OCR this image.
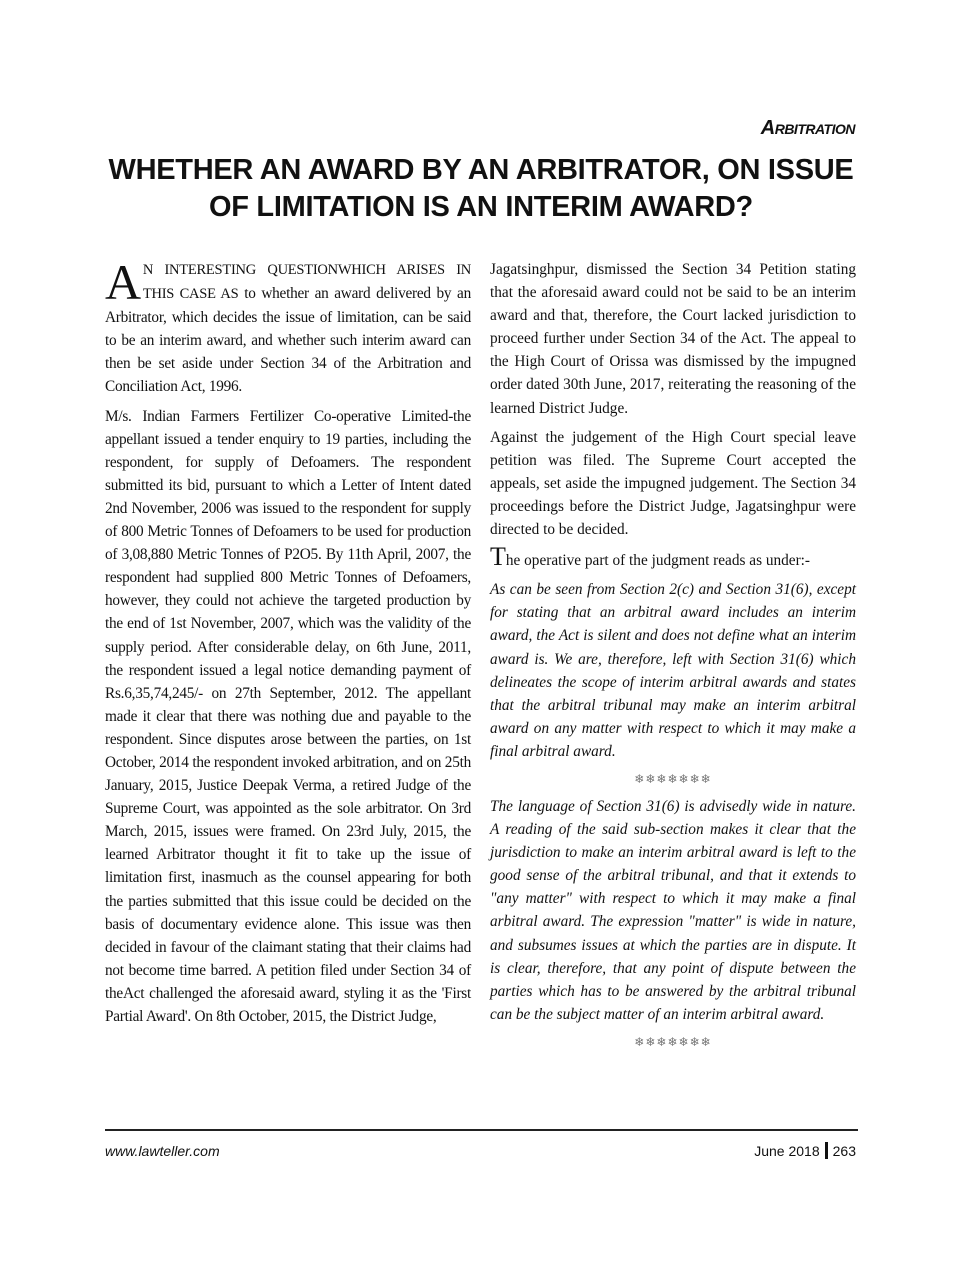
Arbitration
WHETHER AN AWARD BY AN ARBITRATOR, ON ISSUE OF LIMITATION IS AN INTERIM AWARD?

A N INTERESTING QUESTIONWHICH ARISES IN THIS CASE AS to whether an award delivered by an Arbitrator, which decides the issue of limitation, can be said to be an interim award, and whether such interim award can then be set aside under Section 34 of the Arbitration and Conciliation Act, 1996.

M/s. Indian Farmers Fertilizer Co-operative Limited-the appellant issued a tender enquiry to 19 parties, including the respondent, for supply of Defoamers. The respondent submitted its bid, pursuant to which a Letter of Intent dated 2nd November, 2006 was issued to the respondent for supply of 800 Metric Tonnes of Defoamers to be used for production of 3,08,880 Metric Tonnes of P2O5. By 11th April, 2007, the respondent had supplied 800 Metric Tonnes of Defoamers, however, they could not achieve the targeted production by the end of 1st November, 2007, which was the validity of the supply period. After considerable delay, on 6th June, 2011, the respondent issued a legal notice demanding payment of Rs.6,35,74,245/- on 27th September, 2012. The appellant made it clear that there was nothing due and payable to the respondent. Since disputes arose between the parties, on 1st October, 2014 the respondent invoked arbitration, and on 25th January, 2015, Justice Deepak Verma, a retired Judge of the Supreme Court, was appointed as the sole arbitrator. On 3rd March, 2015, issues were framed. On 23rd July, 2015, the learned Arbitrator thought it fit to take up the issue of limitation first, inasmuch as the counsel appearing for both the parties submitted that this issue could be decided on the basis of documentary evidence alone. This issue was then decided in favour of the claimant stating that their claims had not become time barred. A petition filed under Section 34 of theAct challenged the aforesaid award, styling it as the 'First Partial Award'. On 8th October, 2015, the District Judge,

Jagatsinghpur, dismissed the Section 34 Petition stating that the aforesaid award could not be said to be an interim award and that, therefore, the Court lacked jurisdiction to proceed further under Section 34 of the Act. The appeal to the High Court of Orissa was dismissed by the impugned order dated 30th June, 2017, reiterating the reasoning of the learned District Judge.

Against the judgement of the High Court special leave petition was filed. The Supreme Court accepted the appeals, set aside the impugned judgement. The Section 34 proceedings before the District Judge, Jagatsinghpur were directed to be decided.

The operative part of the judgment reads as under:-

As can be seen from Section 2(c) and Section 31(6), except for stating that an arbitral award includes an interim award, the Act is silent and does not define what an interim award is. We are, therefore, left with Section 31(6) which delineates the scope of interim arbitral awards and states that the arbitral tribunal may make an interim arbitral award on any matter with respect to which it may make a final arbitral award.

❄❄❄❄❄❄❄

The language of Section 31(6) is advisedly wide in nature. A reading of the said sub-section makes it clear that the jurisdiction to make an interim arbitral award is left to the good sense of the arbitral tribunal, and that it extends to "any matter" with respect to which it may make a final arbitral award. The expression "matter" is wide in nature, and subsumes issues at which the parties are in dispute. It is clear, therefore, that any point of dispute between the parties which has to be answered by the arbitral tribunal can be the subject matter of an interim arbitral award.

❄❄❄❄❄❄❄

www.lawteller.com	June 2018 263
